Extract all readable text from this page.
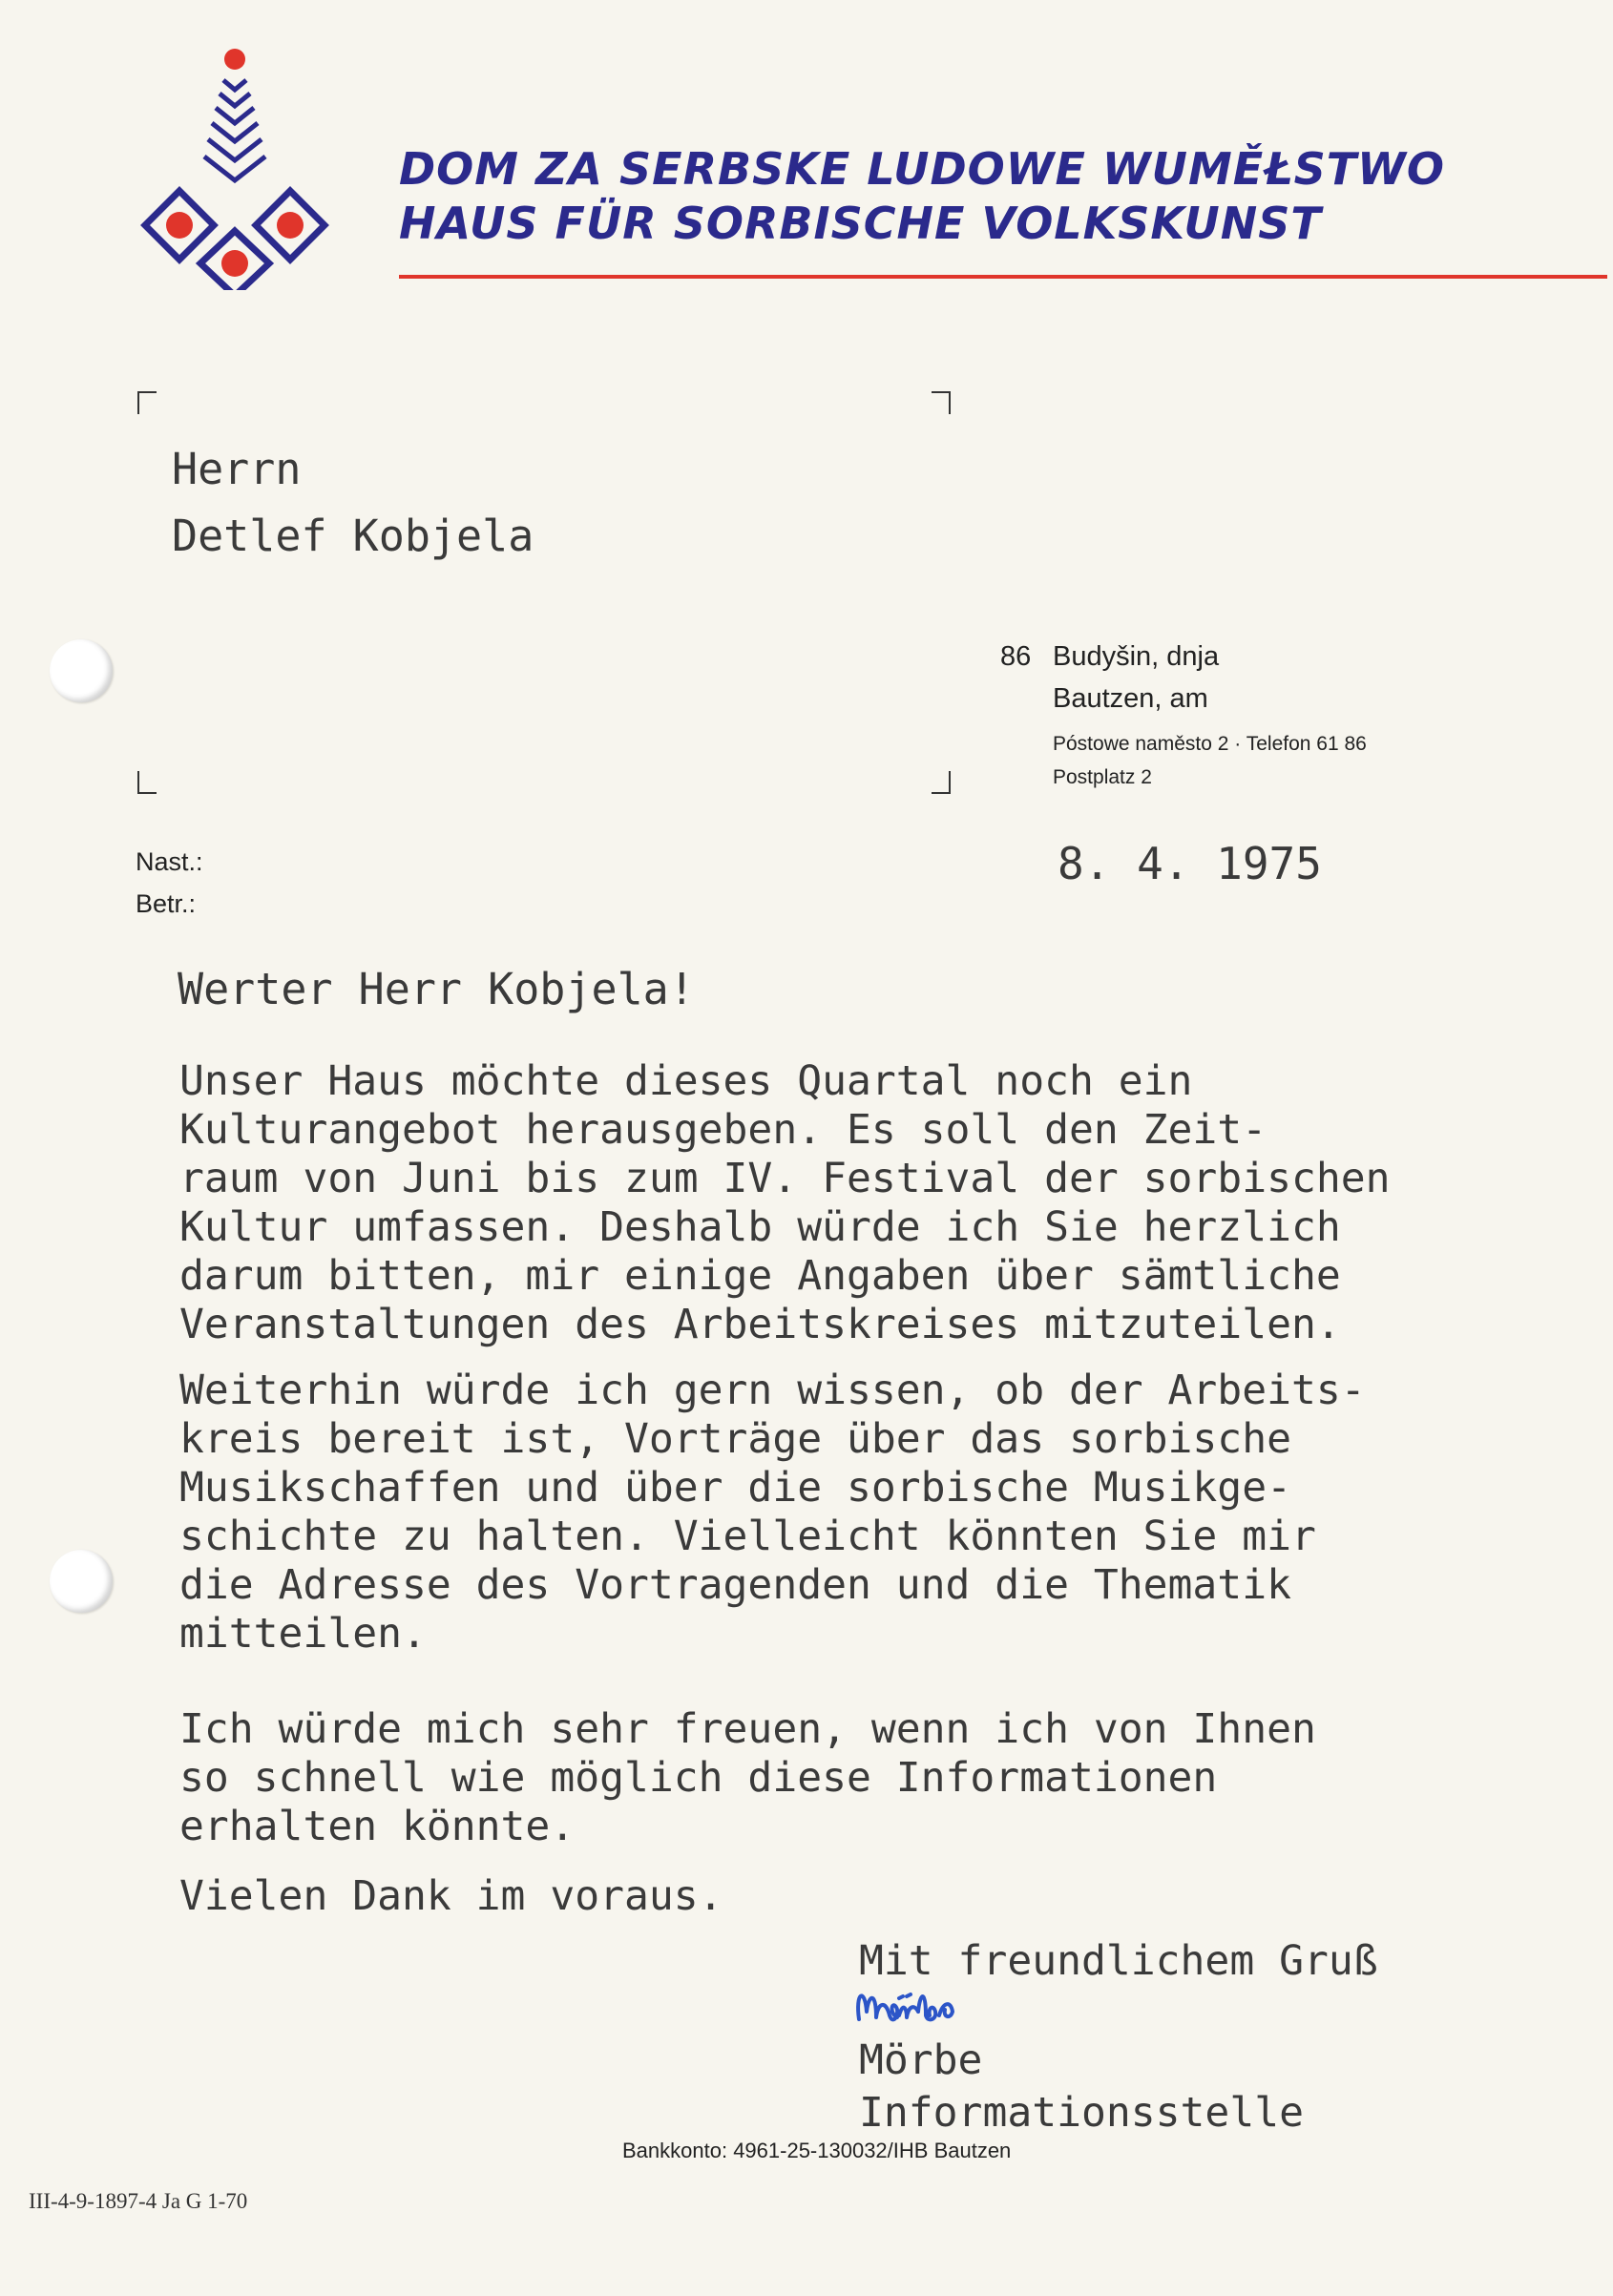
DOM ZA SERBSKE LUDOWE WUMĚŁSTWO
HAUS FÜR SORBISCHE VOLKSKUNST
Herrn
Detlef Kobjela
86 Budyšin, dnja
Bautzen, am
Póstowe naměsto 2 · Telefon 61 86
Postplatz 2
Nast.:
Betr.:
8. 4. 1975
Werter Herr Kobjela!
Unser Haus möchte dieses Quartal noch ein
Kulturangebot herausgeben. Es soll den Zeit-
raum von Juni bis zum IV. Festival der sorbischen
Kultur umfassen. Deshalb würde ich Sie herzlich
darum bitten, mir einige Angaben über sämtliche
Veranstaltungen des Arbeitskreises mitzuteilen.
Weiterhin würde ich gern wissen, ob der Arbeits-
kreis bereit ist, Vorträge über das sorbische
Musikschaffen und über die sorbische Musikge-
schichte zu halten. Vielleicht könnten Sie mir
die Adresse des Vortragenden und die Thematik
mitteilen.
Ich würde mich sehr freuen, wenn ich von Ihnen
so schnell wie möglich diese Informationen
erhalten könnte.
Vielen Dank im voraus.
Mit freundlichem Gruß
Mörbe
Informationsstelle
Bankkonto: 4961-25-130032/IHB Bautzen
III-4-9-1897-4 Ja G 1-70
